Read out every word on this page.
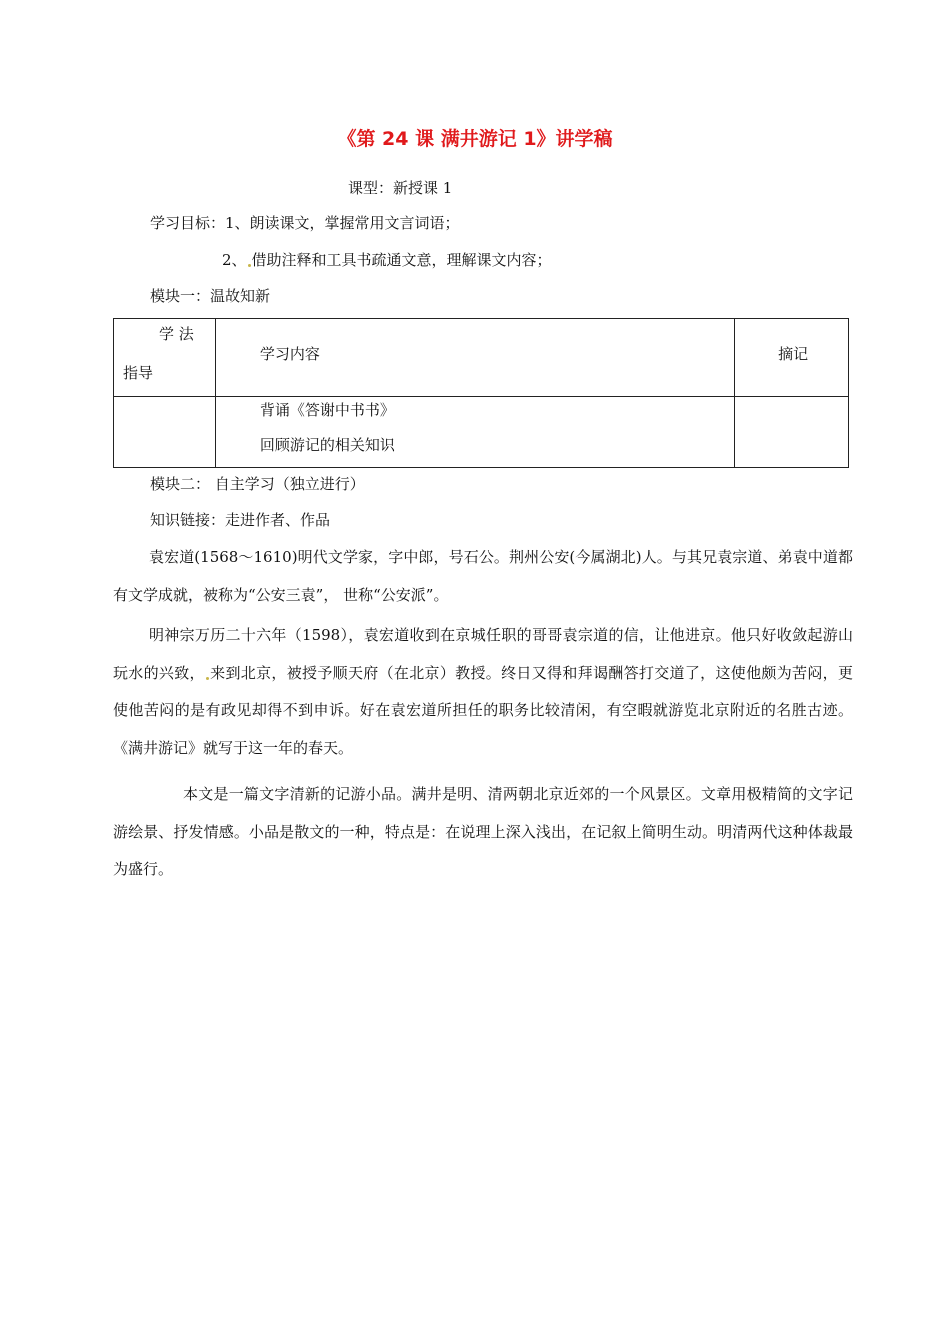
《第 24 课 满井游记 1》讲学稿
课型：新授课 1
学习目标：1、朗读课文，掌握常用文言词语；
2、 借助注释和工具书疏通文意，理解课文内容；
模块一：温故知新
学 法
指导	学习内容	摘记

	背诵《答谢中书书》
回顾游记的相关知识	

模块二： 自主学习（独立进行）
知识链接：走进作者、作品
袁宏道(1568～1610)明代文学家，字中郎，号石公。荆州公安(今属湖北)人。与其兄袁宗道、弟袁中道都有文学成就，被称为“公安三袁”， 世称“公安派”。
明神宗万历二十六年（1598），袁宏道收到在京城任职的哥哥袁宗道的信，让他进京。他只好收敛起游山玩水的兴致， 来到北京，被授予顺天府（在北京）教授。终日又得和拜谒酬答打交道了，这使他颇为苦闷，更使他苦闷的是有政见却得不到申诉。好在袁宏道所担任的职务比较清闲，有空暇就游览北京附近的名胜古迹。《满井游记》就写于这一年的春天。
本文是一篇文字清新的记游小品。满井是明、清两朝北京近郊的一个风景区。文章用极精简的文字记游绘景、抒发情感。小品是散文的一种，特点是：在说理上深入浅出，在记叙上简明生动。明清两代这种体裁最为盛行。
